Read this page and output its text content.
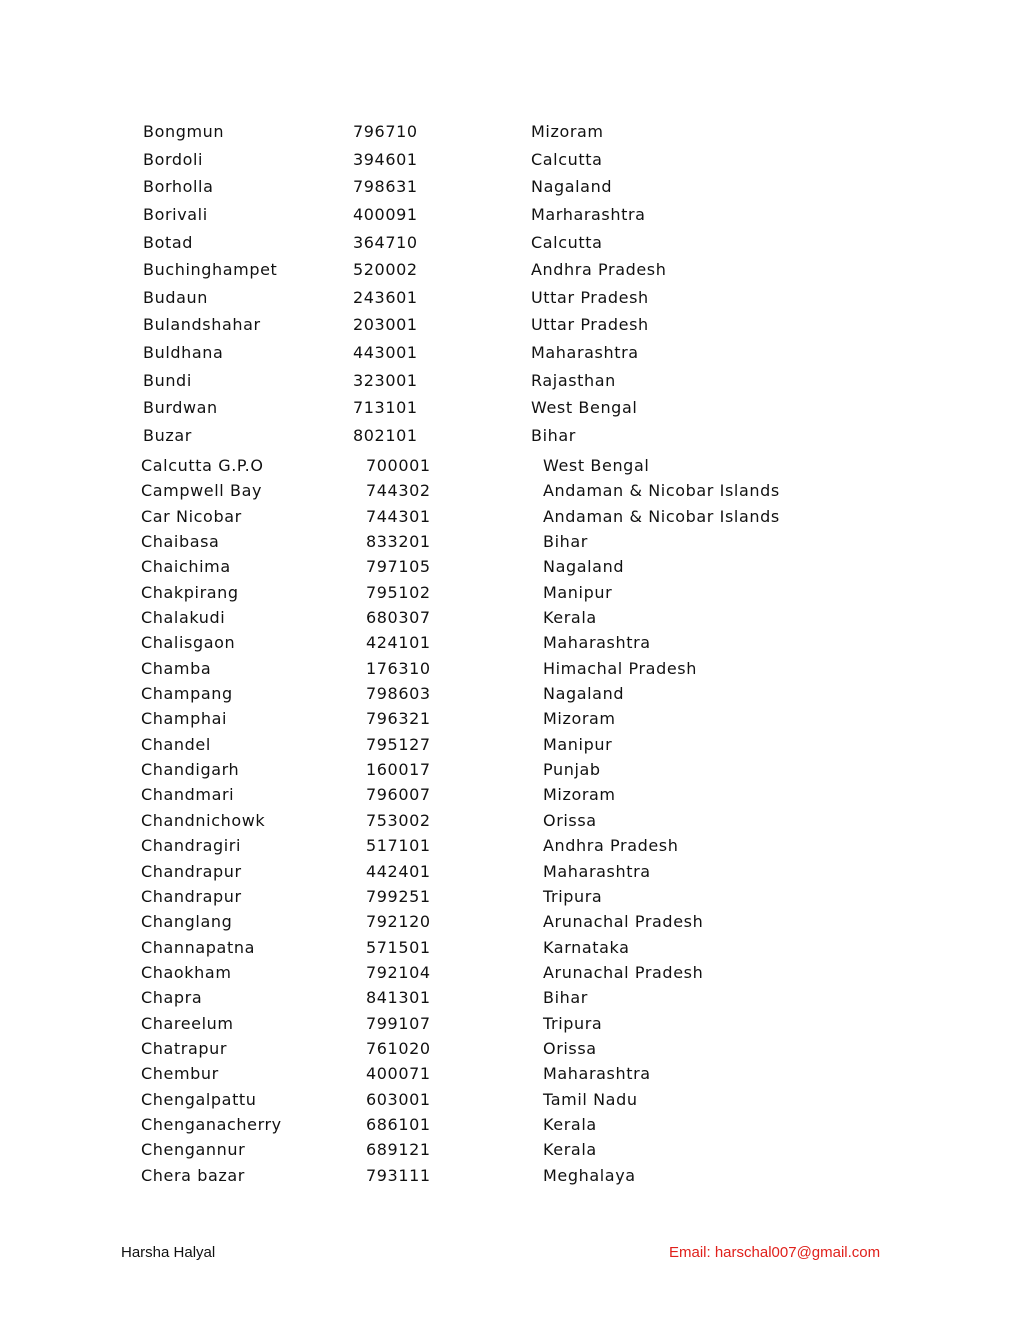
Bongmun	796710	Mizoram
Bordoli	394601	Calcutta
Borholla	798631	Nagaland
Borivali	400091	Marharashtra
Botad	364710	Calcutta
Buchinghampet	520002	Andhra Pradesh
Budaun	243601	Uttar Pradesh
Bulandshahar	203001	Uttar Pradesh
Buldhana	443001	Maharashtra
Bundi	323001	Rajasthan
Burdwan	713101	West Bengal
Buzar	802101	Bihar
Calcutta G.P.O	700001	West Bengal
Campwell Bay	744302	Andaman & Nicobar Islands
Car Nicobar	744301	Andaman & Nicobar Islands
Chaibasa	833201	Bihar
Chaichima	797105	Nagaland
Chakpirang	795102	Manipur
Chalakudi	680307	Kerala
Chalisgaon	424101	Maharashtra
Chamba	176310	Himachal Pradesh
Champang	798603	Nagaland
Champhai	796321	Mizoram
Chandel	795127	Manipur
Chandigarh	160017	Punjab
Chandmari	796007	Mizoram
Chandnichowk	753002	Orissa
Chandragiri	517101	Andhra Pradesh
Chandrapur	442401	Maharashtra
Chandrapur	799251	Tripura
Changlang	792120	Arunachal Pradesh
Channapatna	571501	Karnataka
Chaokham	792104	Arunachal Pradesh
Chapra	841301	Bihar
Chareelum	799107	Tripura
Chatrapur	761020	Orissa
Chembur	400071	Maharashtra
Chengalpattu	603001	Tamil Nadu
Chenganacherry	686101	Kerala
Chengannur	689121	Kerala
Chera bazar	793111	Meghalaya
Harsha Halyal	Email: harschal007@gmail.com
